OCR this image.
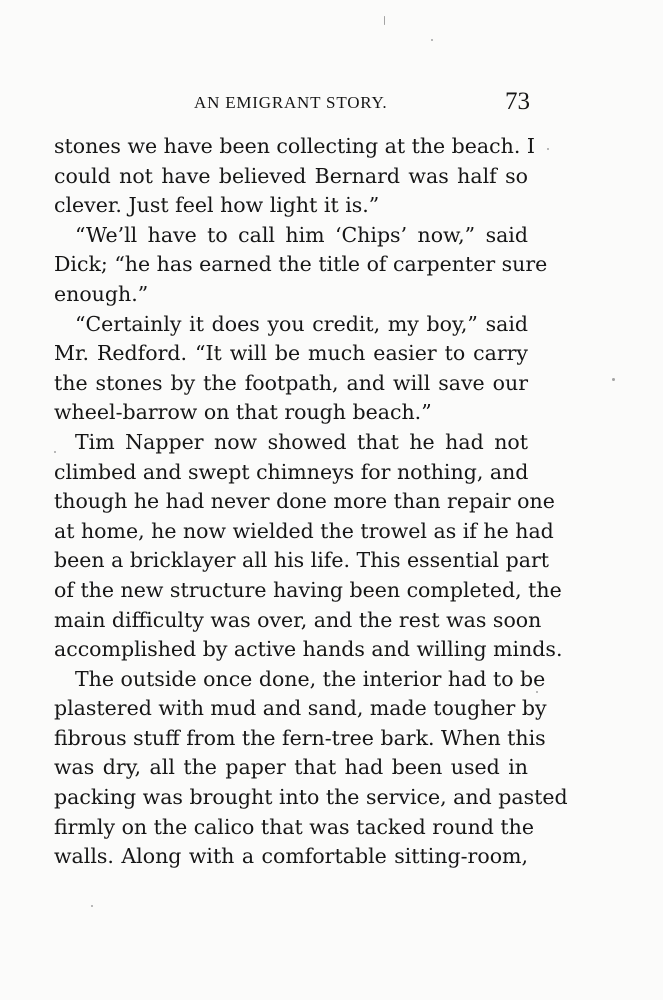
AN EMIGRANT STORY.	73
stones we have been collecting at the beach. I
could not have believed Bernard was half so
clever. Just feel how light it is.”
“We’ll have to call him ‘Chips’ now,” said
Dick; “he has earned the title of carpenter sure
enough.”
“Certainly it does you credit, my boy,” said
Mr. Redford. “It will be much easier to carry
the stones by the footpath, and will save our
wheel-barrow on that rough beach.”
Tim Napper now showed that he had not
climbed and swept chimneys for nothing, and
though he had never done more than repair one
at home, he now wielded the trowel as if he had
been a bricklayer all his life. This essential part
of the new structure having been completed, the
main difficulty was over, and the rest was soon
accomplished by active hands and willing minds.
The outside once done, the interior had to be
plastered with mud and sand, made tougher by
fibrous stuff from the fern-tree bark. When this
was dry, all the paper that had been used in
packing was brought into the service, and pasted
firmly on the calico that was tacked round the
walls. Along with a comfortable sitting-room,
